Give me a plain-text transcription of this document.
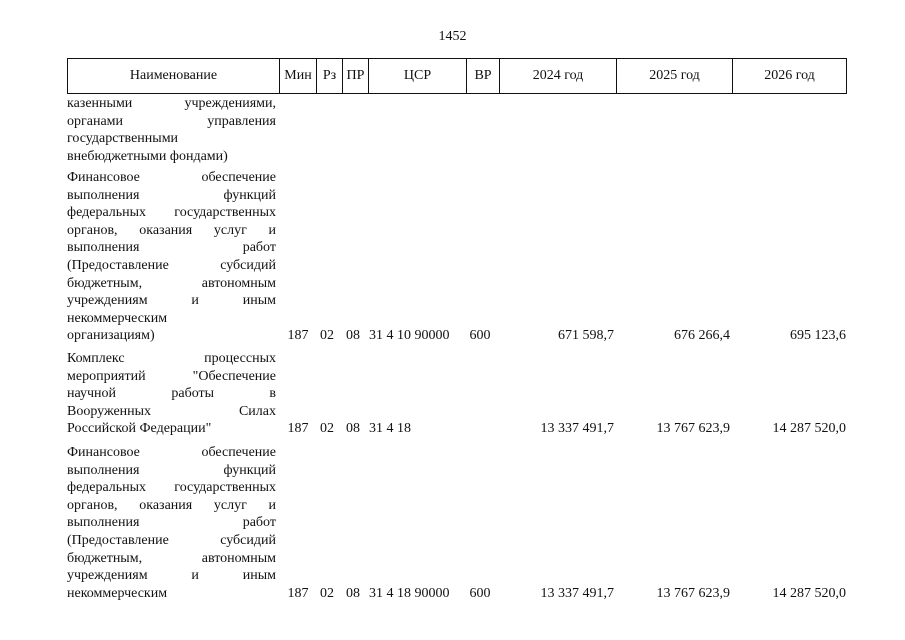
1452
Наименование	Мин Рз ПР	ЦСР	ВР	2024 год	2025 год	2026 год
казенными учреждениями,
органами управления
государственными
внебюджетными фондами)
Финансовое обеспечение
выполнения функций
федеральных государственных
органов, оказания услуг и
выполнения работ
(Предоставление субсидий
бюджетным, автономным
учреждениям и иным
некоммерческим
организациям)	187 02 08 31 4 10 90000	600	671 598,7	676 266,4	695 123,6
Комплекс процессных
мероприятий "Обеспечение
научной работы в
Вооруженных Силах
Российской Федерации"	187 02 08 31 4 18	13 337 491,7	13 767 623,9	14 287 520,0
Финансовое обеспечение
выполнения функций
федеральных государственных
органов, оказания услуг и
выполнения работ
(Предоставление субсидий
бюджетным, автономным
учреждениям и иным
некоммерческим	187 02 08 31 4 18 90000	600	13 337 491,7	13 767 623,9	14 287 520,0
